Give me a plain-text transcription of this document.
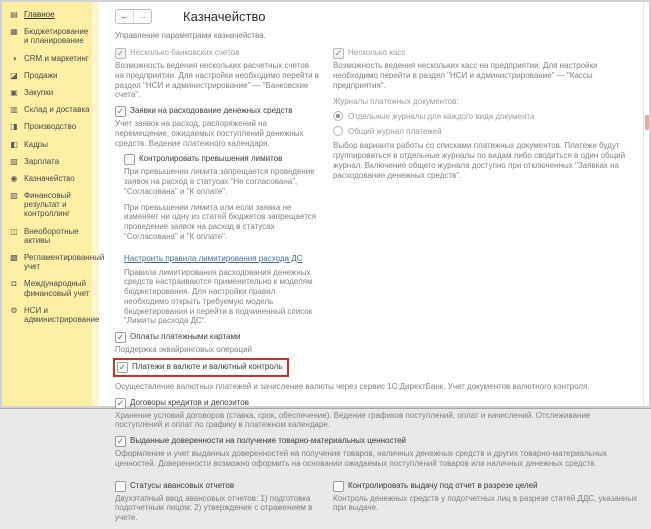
▤ Главное
▦ Бюджетирование и планирование
◑ CRM и маркетинг
◪ Продажи
▣ Закупки
▥ Склад и доставка
◨ Производство
◧ Кадры
▨ Зарплата
◉ Казначейство
▧ Финансовый результат и контроллинг
◫ Внеоборотные активы
▩ Регламентированный учет
◘ Международный финансовый учет
⚙ НСИ и администрирование
←	→	Казначейство
Управление параметрами казначейства.
✓ Несколько банковских счетов
Возможность ведения нескольких расчетных счетов на предприятии. Для настройки необходимо перейти в раздел "НСИ и администрирование" — "Банковские счета".
✓ Заявки на расходование денежных средств
Учет заявок на расход, распоряжений на перемещение, ожидаемых поступлений денежных средств. Ведение платежного календаря.
Контролировать превышения лимитов
При превышении лимита запрещается проведение заявок на расход в статусах "Не согласована", "Согласована" и "К оплате".
При превышении лимита или если заявка не изменяет ни одну из статей бюджетов запрещается проведение заявок на расход в статусах "Согласована" и "К оплате".
Настроить правила лимитирования расхода ДС
Правила лимитирования расходования денежных средств настраиваются применительно к моделям бюджетирования. Для настройки правил необходимо открыть требуемую модель бюджетирования и перейти в подчиненный список "Лимиты расхода ДС".
✓ Оплаты платежными картами
Поддержка эквайринговых операций
✓ Платежи в валюте и валютный контроль
✓ Несколько касс
Возможность ведения нескольких касс на предприятии. Для настройки необходимо перейти в раздел "НСИ и администрирование" — "Кассы предприятия".
Журналы платежных документов:
Отдельные журналы для каждого вида документа
Общий журнал платежей
Выбор варианта работы со списками платежных документов. Платежи будут группироваться в отдельные журналы по видам либо сводиться в один общий журнал. Включение общего журнала доступно при отключенных "Заявках на расходование денежных средств".
Осуществление валютных платежей и зачисление валюты через сервис 1С:ДиректБанк. Учет документов валютного контроля.
✓ Договоры кредитов и депозитов
Хранение условий договоров (ставка, срок, обеспечение). Ведение графиков поступлений, оплат и начислений. Отслеживание поступлений и оплат по графику в платежном календаре.
✓ Выданные доверенности на получение товарно-материальных ценностей
Оформление и учет выданных доверенностей на получение товаров, наличных денежных средств и других товарно-материальных ценностей. Доверенности возможно оформить на основании ожидаемых поступлений товаров или наличных денежных средств.
Статусы авансовых отчетов
Двухэтапный ввод авансовых отчетов: 1) подготовка подотчетным лицом; 2) утверждение с отражением в учете.
Контролировать выдачу под отчет в разрезе целей
Контроль денежных средств у подотчетных лиц в разрезе статей ДДС, указанных при выдаче.
